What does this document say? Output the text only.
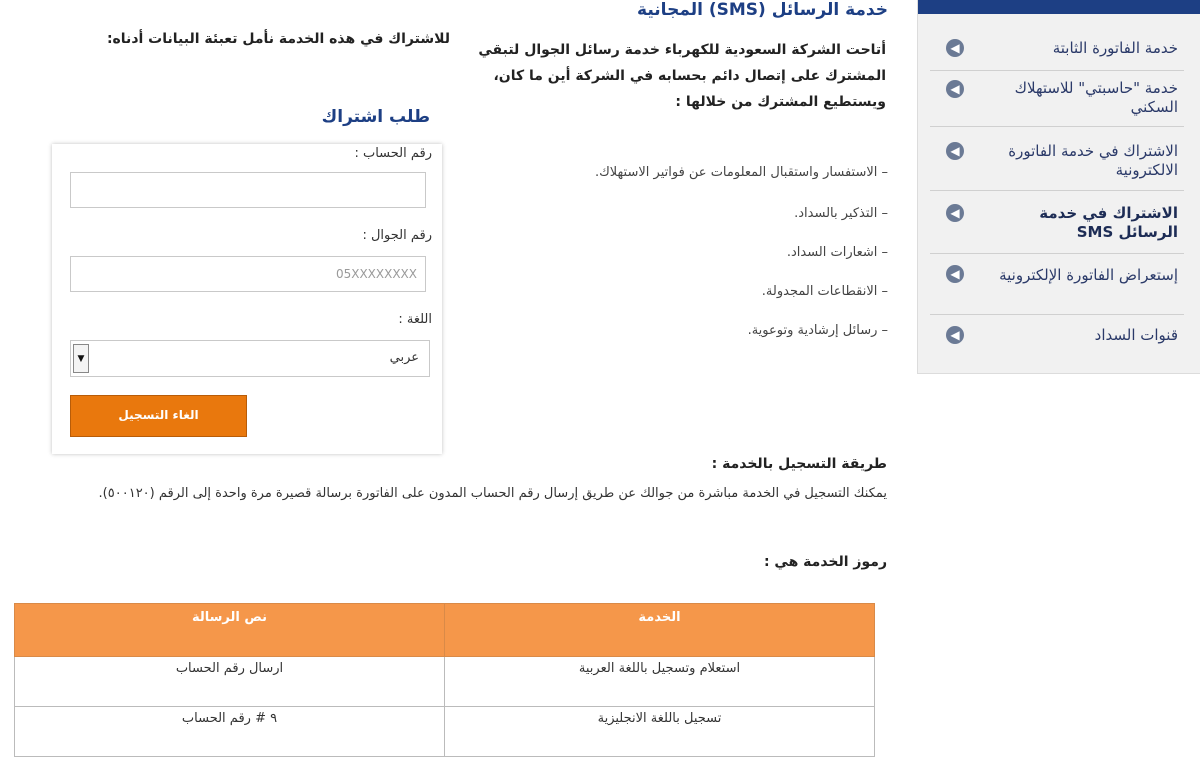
خدمة الفاتورة الثابتة
◀
خدمة "حاسبتي" للاستهلاك السكني
◀
الاشتراك في خدمة الفاتورة الالكترونية
◀
الاشتراك في خدمة الرسائل SMS
◀
إستعراض الفاتورة الإلكترونية
◀
قنوات السداد
◀
خدمة الرسائل (SMS) المجانية
أتاحت الشركة السعودية للكهرباء خدمة رسائل الجوال لتبقي المشترك على إتصال دائم بحسابه في الشركة أين ما كان، ويستطيع المشترك من خلالها :
– الاستفسار واستقبال المعلومات عن فواتير الاستهلاك.
– التذكير بالسداد.
– اشعارات السداد.
– الانقطاعات المجدولة.
– رسائل إرشادية وتوعوية.
للاشتراك في هذه الخدمة نأمل تعبئة البيانات أدناه:
طلب اشتراك
رقم الحساب :
رقم الجوال :
05XXXXXXXX
اللغة :
عربي
▼
الغاء التسجيل
طريقة التسجيل بالخدمة :
يمكنك التسجيل في الخدمة مباشرة من جوالك عن طريق إرسال رقم الحساب المدون على الفاتورة برسالة قصيرة مرة واحدة إلى الرقم (٥٠٠١٢٠).
رموز الخدمة هي :
الخدمة	نص الرسالة
استعلام وتسجيل باللغة العربية	ارسال رقم الحساب
تسجيل باللغة الانجليزية	٩ # رقم الحساب
